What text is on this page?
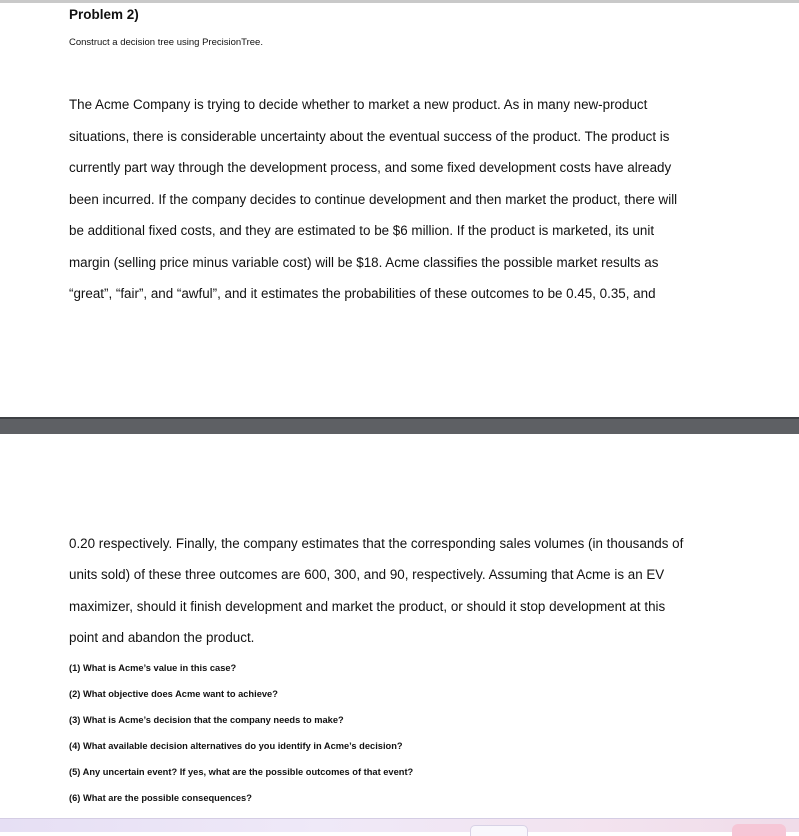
Problem 2)

Construct a decision tree using PrecisionTree.

The Acme Company is trying to decide whether to market a new product. As in many new-product

situations, there is considerable uncertainty about the eventual success of the product. The product is

currently part way through the development process, and some fixed development costs have already

been incurred. If the company decides to continue development and then market the product, there will

be additional fixed costs, and they are estimated to be $6 million. If the product is marketed, its unit

margin (selling price minus variable cost) will be $18. Acme classifies the possible market results as

“great”, “fair”, and “awful”, and it estimates the probabilities of these outcomes to be 0.45, 0.35, and

0.20 respectively. Finally, the company estimates that the corresponding sales volumes (in thousands of

units sold) of these three outcomes are 600, 300, and 90, respectively. Assuming that Acme is an EV

maximizer, should it finish development and market the product, or should it stop development at this

point and abandon the product.

(1) What is Acme’s value in this case?

(2) What objective does Acme want to achieve?

(3) What is Acme’s decision that the company needs to make?

(4) What available decision alternatives do you identify in Acme’s decision?

(5) Any uncertain event? If yes, what are the possible outcomes of that event?

(6) What are the possible consequences?
